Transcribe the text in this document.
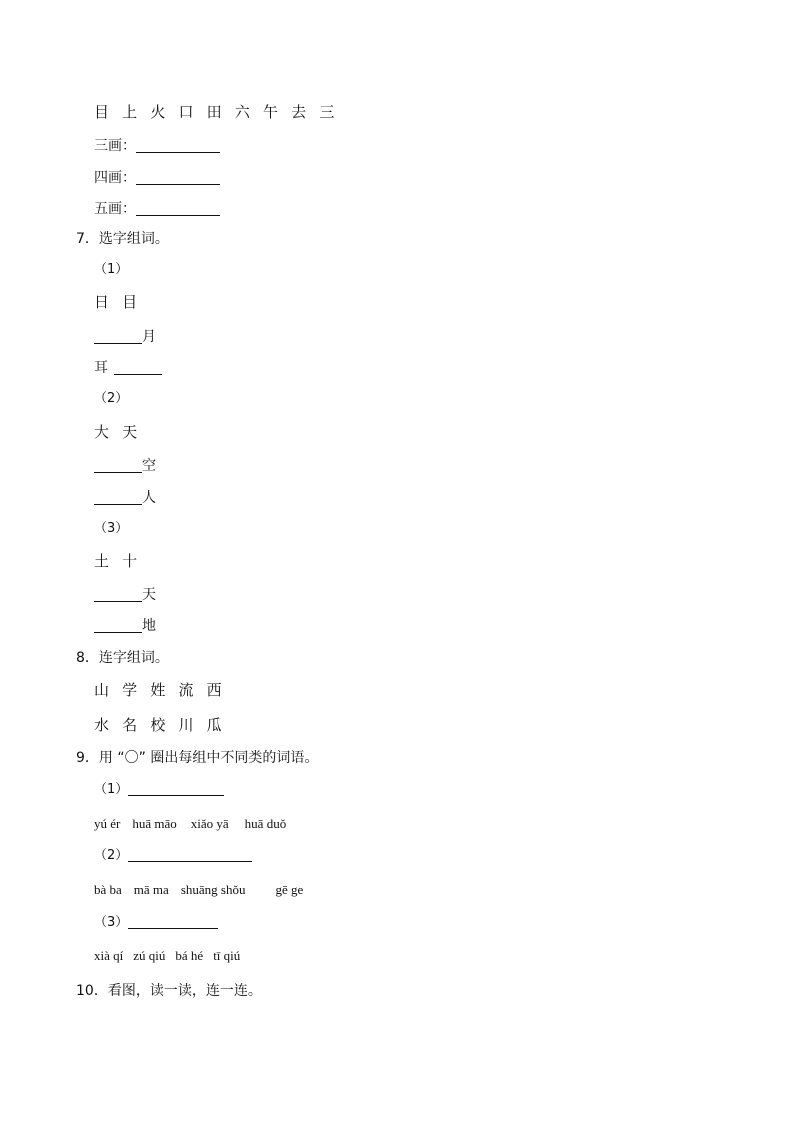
目 上 火 口 田 六 午 去 三
三画：
四画：
五画：
7．选字组词。
（1）
日 目
月
耳
（2）
大 天
空
人
（3）
土 十
天
地
8．连字组词。
山 学 姓 流 西
水 名 校 川 瓜
9．用 “〇” 圈出每组中不同类的词语。
（1）
yú ér huā māo xiǎo yā huā duǒ
（2）
bà ba mā ma shuāng shǒu gē ge
（3）
xià qí zú qiú bá hé tī qiú
10．看图，读一读，连一连。
